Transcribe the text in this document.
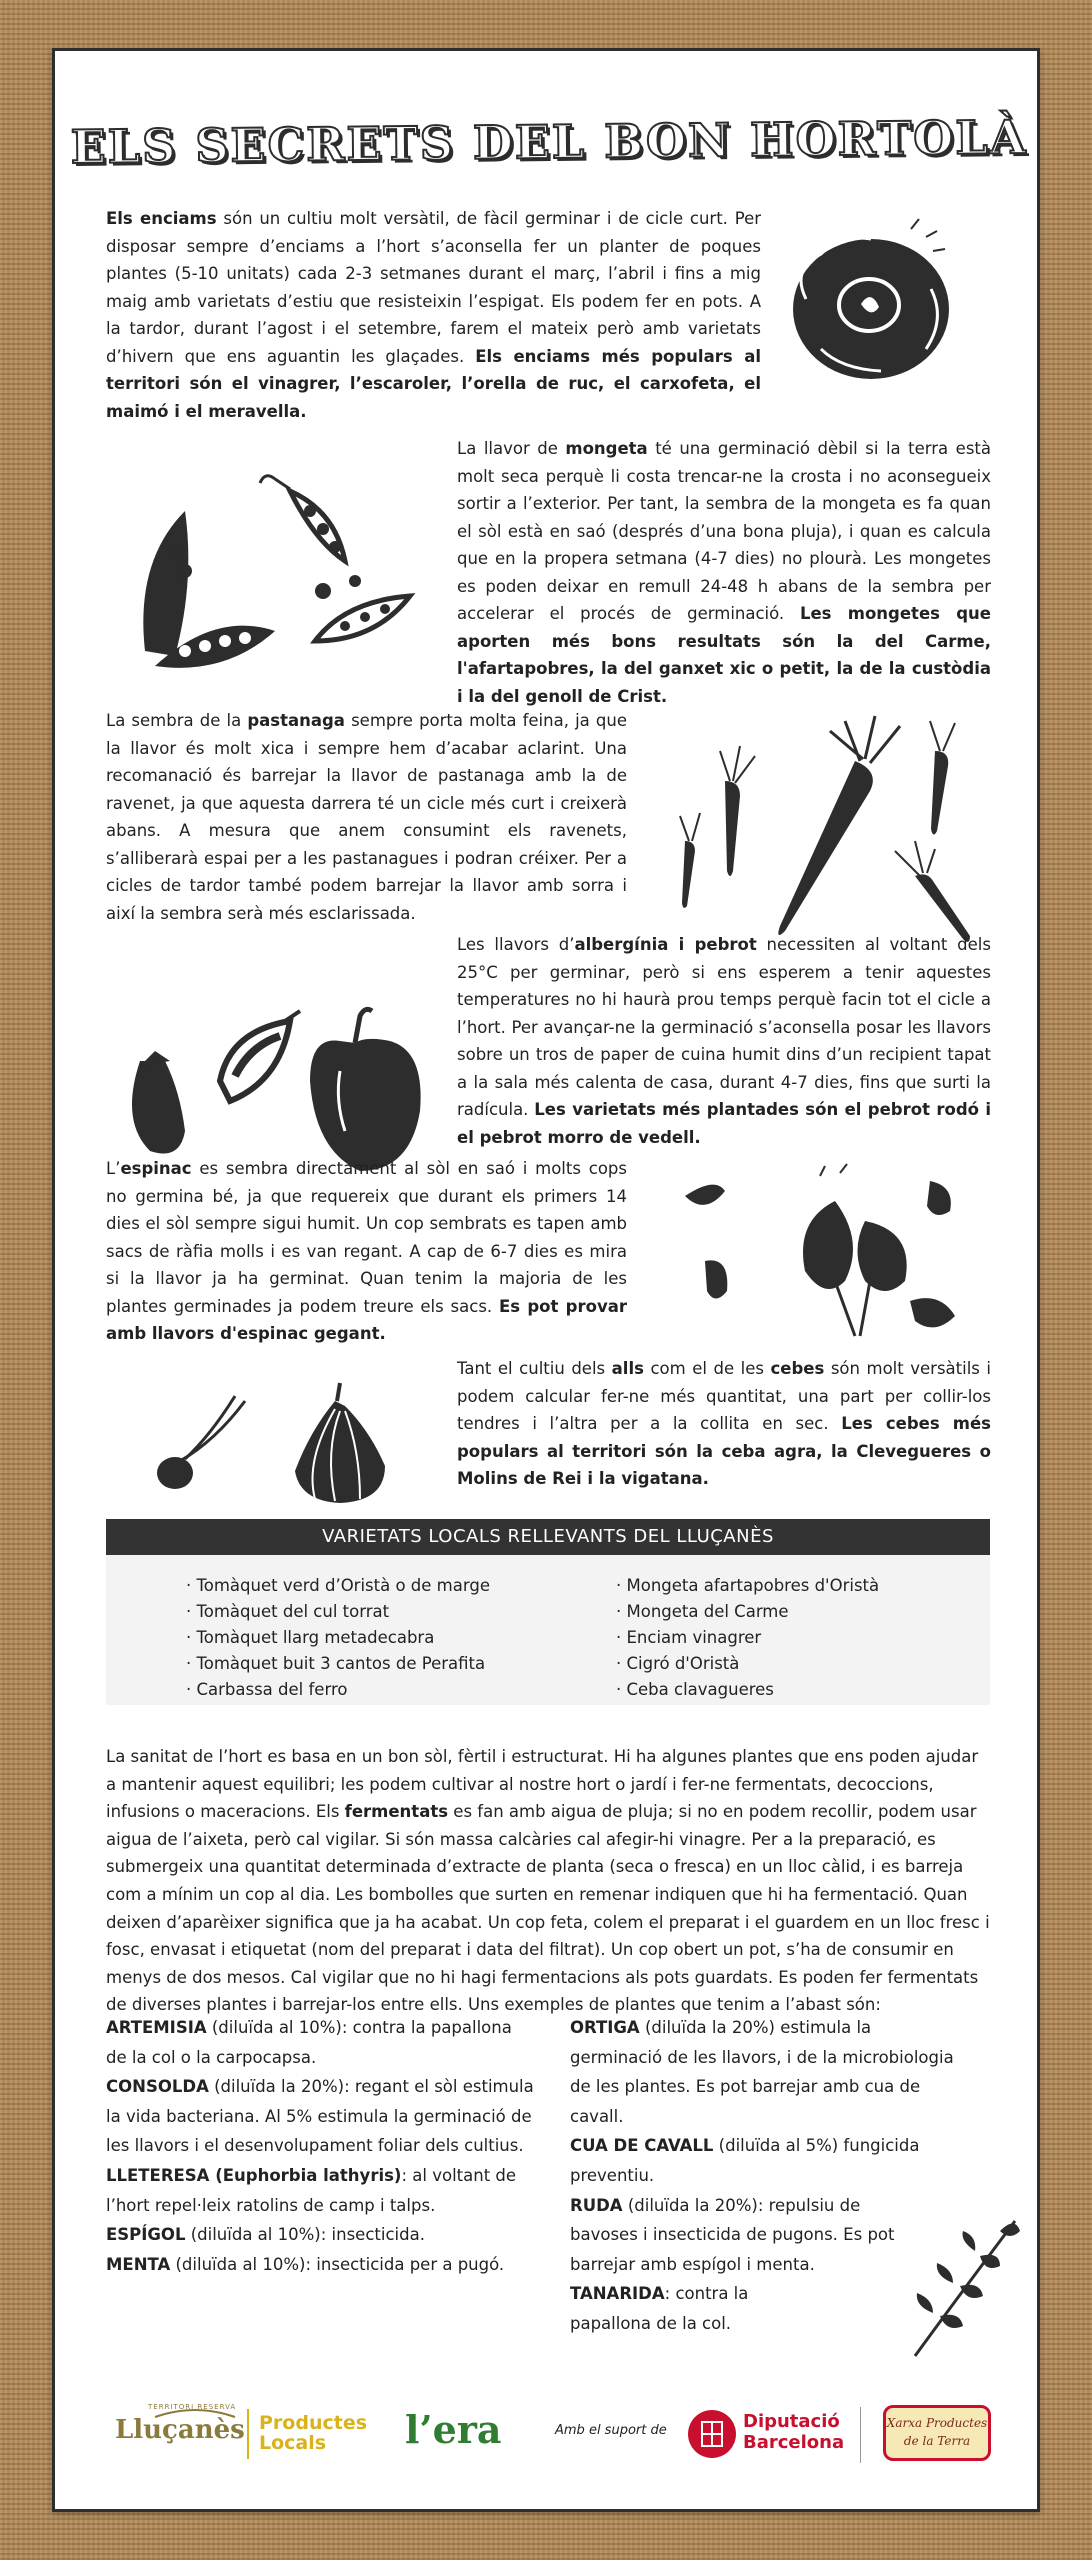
ELS SECRETS DEL BON HORTOLÀ
Els enciams són un cultiu molt versàtil, de fàcil germinar i de cicle curt. Per disposar sempre d’enciams a l’hort s’aconsella fer un planter de poques plantes (5-10 unitats) cada 2-3 setmanes durant el març, l’abril i fins a mig maig amb varietats d’estiu que resisteixin l’espigat. Els podem fer en pots. A la tardor, durant l’agost i el setembre, farem el mateix però amb varietats d’hivern que ens aguantin les glaçades. Els enciams més populars al territori són el vinagrer, l’escaroler, l’orella de ruc, el carxofeta, el maimó i el meravella.
La llavor de mongeta té una germinació dèbil si la terra està molt seca perquè li costa trencar-ne la crosta i no aconsegueix sortir a l’exterior. Per tant, la sembra de la mongeta es fa quan el sòl està en saó (després d’una bona pluja), i quan es calcula que en la propera setmana (4-7 dies) no plourà. Les mongetes es poden deixar en remull 24-48 h abans de la sembra per accelerar el procés de germinació. Les mongetes que aporten més bons resultats són la del Carme, l'afartapobres, la del ganxet xic o petit, la de la custòdia i la del genoll de Crist.
La sembra de la pastanaga sempre porta molta feina, ja que la llavor és molt xica i sempre hem d’acabar aclarint. Una recomanació és barrejar la llavor de pastanaga amb la de ravenet, ja que aquesta darrera té un cicle més curt i creixerà abans. A mesura que anem consumint els ravenets, s’alliberarà espai per a les pastanagues i podran créixer. Per a cicles de tardor també podem barrejar la llavor amb sorra i així la sembra serà més esclarissada.
Les llavors d’albergínia i pebrot necessiten al voltant dels 25°C per germinar, però si ens esperem a tenir aquestes temperatures no hi haurà prou temps perquè facin tot el cicle a l’hort. Per avançar-ne la germinació s’aconsella posar les llavors sobre un tros de paper de cuina humit dins d’un recipient tapat a la sala més calenta de casa, durant 4-7 dies, fins que surti la radícula. Les varietats més plantades són el pebrot rodó i el pebrot morro de vedell.
L’espinac es sembra directament al sòl en saó i molts cops no germina bé, ja que requereix que durant els primers 14 dies el sòl sempre sigui humit. Un cop sembrats es tapen amb sacs de ràfia molls i es van regant. A cap de 6-7 dies es mira si la llavor ja ha germinat. Quan tenim la majoria de les plantes germinades ja podem treure els sacs. Es pot provar amb llavors d'espinac gegant.
Tant el cultiu dels alls com el de les cebes són molt versàtils i podem calcular fer-ne més quantitat, una part per collir-los tendres i l’altra per a la collita en sec. Les cebes més populars al territori són la ceba agra, la Clevegueres o Molins de Rei i la vigatana.
VARIETATS LOCALS RELLEVANTS DEL LLUÇANÈS
· Tomàquet verd d’Oristà o de marge
· Tomàquet del cul torrat
· Tomàquet llarg metadecabra
· Tomàquet buit 3 cantos de Perafita
· Carbassa del ferro
· Mongeta afartapobres d'Oristà
· Mongeta del Carme
· Enciam vinagrer
· Cigró d'Oristà
· Ceba clavagueres
La sanitat de l’hort es basa en un bon sòl, fèrtil i estructurat. Hi ha algunes plantes que ens poden ajudar a mantenir aquest equilibri; les podem cultivar al nostre hort o jardí i fer-ne fermentats, decoccions, infusions o maceracions. Els fermentats es fan amb aigua de pluja; si no en podem recollir, podem usar aigua de l’aixeta, però cal vigilar. Si són massa calcàries cal afegir-hi vinagre. Per a la preparació, es submergeix una quantitat determinada d’extracte de planta (seca o fresca) en un lloc càlid, i es barreja com a mínim un cop al dia. Les bombolles que surten en remenar indiquen que hi ha fermentació. Quan deixen d’aparèixer significa que ja ha acabat. Un cop feta, colem el preparat i el guardem en un lloc fresc i fosc, envasat i etiquetat (nom del preparat i data del filtrat). Un cop obert un pot, s’ha de consumir en menys de dos mesos. Cal vigilar que no hi hagi fermentacions als pots guardats. Es poden fer fermentats de diverses plantes i barrejar-los entre ells. Uns exemples de plantes que tenim a l’abast són:

ARTEMISIA (diluïda al 10%): contra la papallona de la col o la carpocapsa.

CONSOLDA (diluïda la 20%): regant el sòl estimula la vida bacteriana. Al 5% estimula la germinació de les llavors i el desenvolupament foliar dels cultius.

LLETERESA (Euphorbia lathyris): al voltant de l’hort repel·leix ratolins de camp i talps.

ESPÍGOL (diluïda al 10%): insecticida.

MENTA (diluïda al 10%): insecticida per a pugó.

ORTIGA (diluïda la 20%) estimula la germinació de les llavors, i de la microbiologia de les plantes. Es pot barrejar amb cua de cavall.

CUA DE CAVALL (diluïda al 5%) fungicida preventiu.

RUDA (diluïda la 20%): repulsiu de bavoses i insecticida de pugons. Es pot barrejar amb espígol i menta.

TANARIDA: contra la papallona de la col.

TERRITORI RESERVA
Lluçanès Productes
Locals	l’era	Amb el suport de	Diputació
Barcelona
Xarxa Productes
de la Terra
